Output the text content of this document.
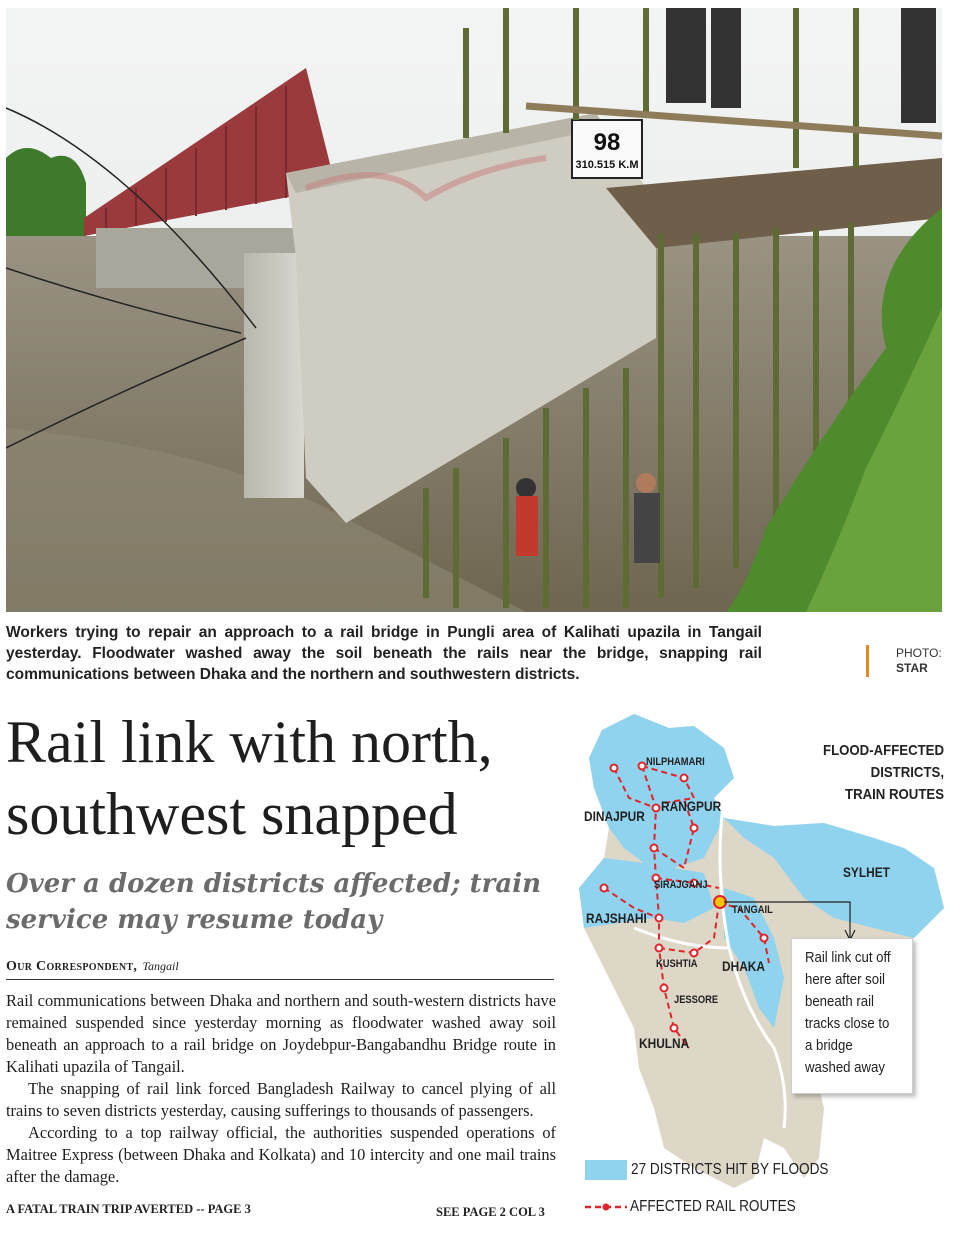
98
310.515 K.M
Workers trying to repair an approach to a rail bridge in Pungli area of Kalihati upazila in Tangail yesterday. Floodwater washed away the soil beneath the rails near the bridge, snapping rail communications between Dhaka and the northern and southwestern districts.
PHOTO:
STAR
Rail link with north,
southwest snapped
Over a dozen districts affected; train
service may resume today
Our Correspondent, Tangail

Rail communications between Dhaka and northern and south-western districts have remained suspended since yesterday morning as floodwater washed away soil beneath an approach to a rail bridge on Joydebpur-Bangabandhu Bridge route in Kalihati upazila of Tangail.

The snapping of rail link forced Bangladesh Railway to cancel plying of all trains to seven districts yesterday, causing sufferings to thousands of passengers.

According to a top railway official, the authorities suspended operations of Maitree Express (between Dhaka and Kolkata) and 10 intercity and one mail trains after the damage.

A FATAL TRAIN TRIP AVERTED -- PAGE 3	SEE PAGE 2 COL 3
FLOOD-AFFECTED
DISTRICTS,
TRAIN ROUTES
NILPHAMARI
DINAJPUR
RANGPUR
SYLHET
SIRAJGANJ
TANGAIL
RAJSHAHI
KUSHTIA DHAKA
JESSORE
KHULNA
Rail link cut off
here after soil
beneath rail
tracks close to
a bridge
washed away
27 DISTRICTS HIT BY FLOODS
AFFECTED RAIL ROUTES
